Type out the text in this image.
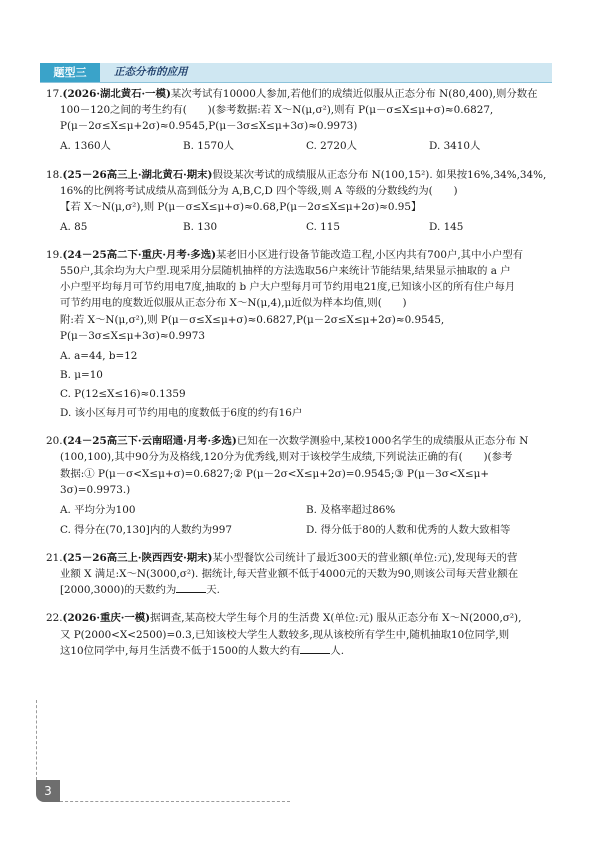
题型三	正态分布的应用

17.(2026·湖北黄石·一模)某次考试有10000人参加,若他们的成绩近似服从正态分布 N(80,400),则分数在

100－120之间的考生约有(　　)(参考数据:若 X～N(μ,σ²),则有 P(μ－σ≤X≤μ+σ)≈0.6827,

P(μ－2σ≤X≤μ+2σ)≈0.9545,P(μ－3σ≤X≤μ+3σ)≈0.9973)

A. 1360人	B. 1570人	C. 2720人	D. 3410人

18.(25－26高三上·湖北黄石·期末)假设某次考试的成绩服从正态分布 N(100,15²). 如果按16%,34%,34%,

16%的比例将考试成绩从高到低分为 A,B,C,D 四个等级,则 A 等级的分数线约为(　　)

【若 X～N(μ,σ²),则 P(μ－σ≤X≤μ+σ)≈0.68,P(μ－2σ≤X≤μ+2σ)≈0.95】

A. 85	B. 130	C. 115	D. 145

19.(24－25高二下·重庆·月考·多选)某老旧小区进行设备节能改造工程,小区内共有700户,其中小户型有

550户,其余均为大户型.现采用分层随机抽样的方法选取56户来统计节能结果,结果显示抽取的 a 户

小户型平均每月可节约用电7度,抽取的 b 户大户型每月可节约用电21度,已知该小区的所有住户每月

可节约用电的度数近似服从正态分布 X～N(μ,4),μ近似为样本均值,则(　　)

附:若 X～N(μ,σ²),则 P(μ－σ≤X≤μ+σ)≈0.6827,P(μ－2σ≤X≤μ+2σ)≈0.9545,

P(μ－3σ≤X≤μ+3σ)≈0.9973

A. a=44, b=12
B. μ=10
C. P(12≤X≤16)≈0.1359
D. 该小区每月可节约用电的度数低于6度的约有16户

20.(24－25高三下·云南昭通·月考·多选)已知在一次数学测验中,某校1000名学生的成绩服从正态分布 N

(100,100),其中90分为及格线,120分为优秀线,则对于该校学生成绩,下列说法正确的有(　　)(参考

数据:① P(μ－σ<X≤μ+σ)=0.6827;② P(μ－2σ<X≤μ+2σ)=0.9545;③ P(μ－3σ<X≤μ+

3σ)=0.9973.)

A. 平均分为100	B. 及格率超过86%
C. 得分在(70,130]内的人数约为997	D. 得分低于80的人数和优秀的人数大致相等

21.(25－26高三上·陕西西安·期末)某小型餐饮公司统计了最近300天的营业额(单位:元),发现每天的营

业额 X 满足:X～N(3000,σ²). 据统计,每天营业额不低于4000元的天数为90,则该公司每天营业额在

[2000,3000)的天数约为	天.

22.(2026·重庆·一模)据调查,某高校大学生每个月的生活费 X(单位:元) 服从正态分布 X～N(2000,σ²),

又 P(2000<X<2500)=0.3,已知该校大学生人数较多,现从该校所有学生中,随机抽取10位同学,则

这10位同学中,每月生活费不低于1500的人数大约有	人.

3
